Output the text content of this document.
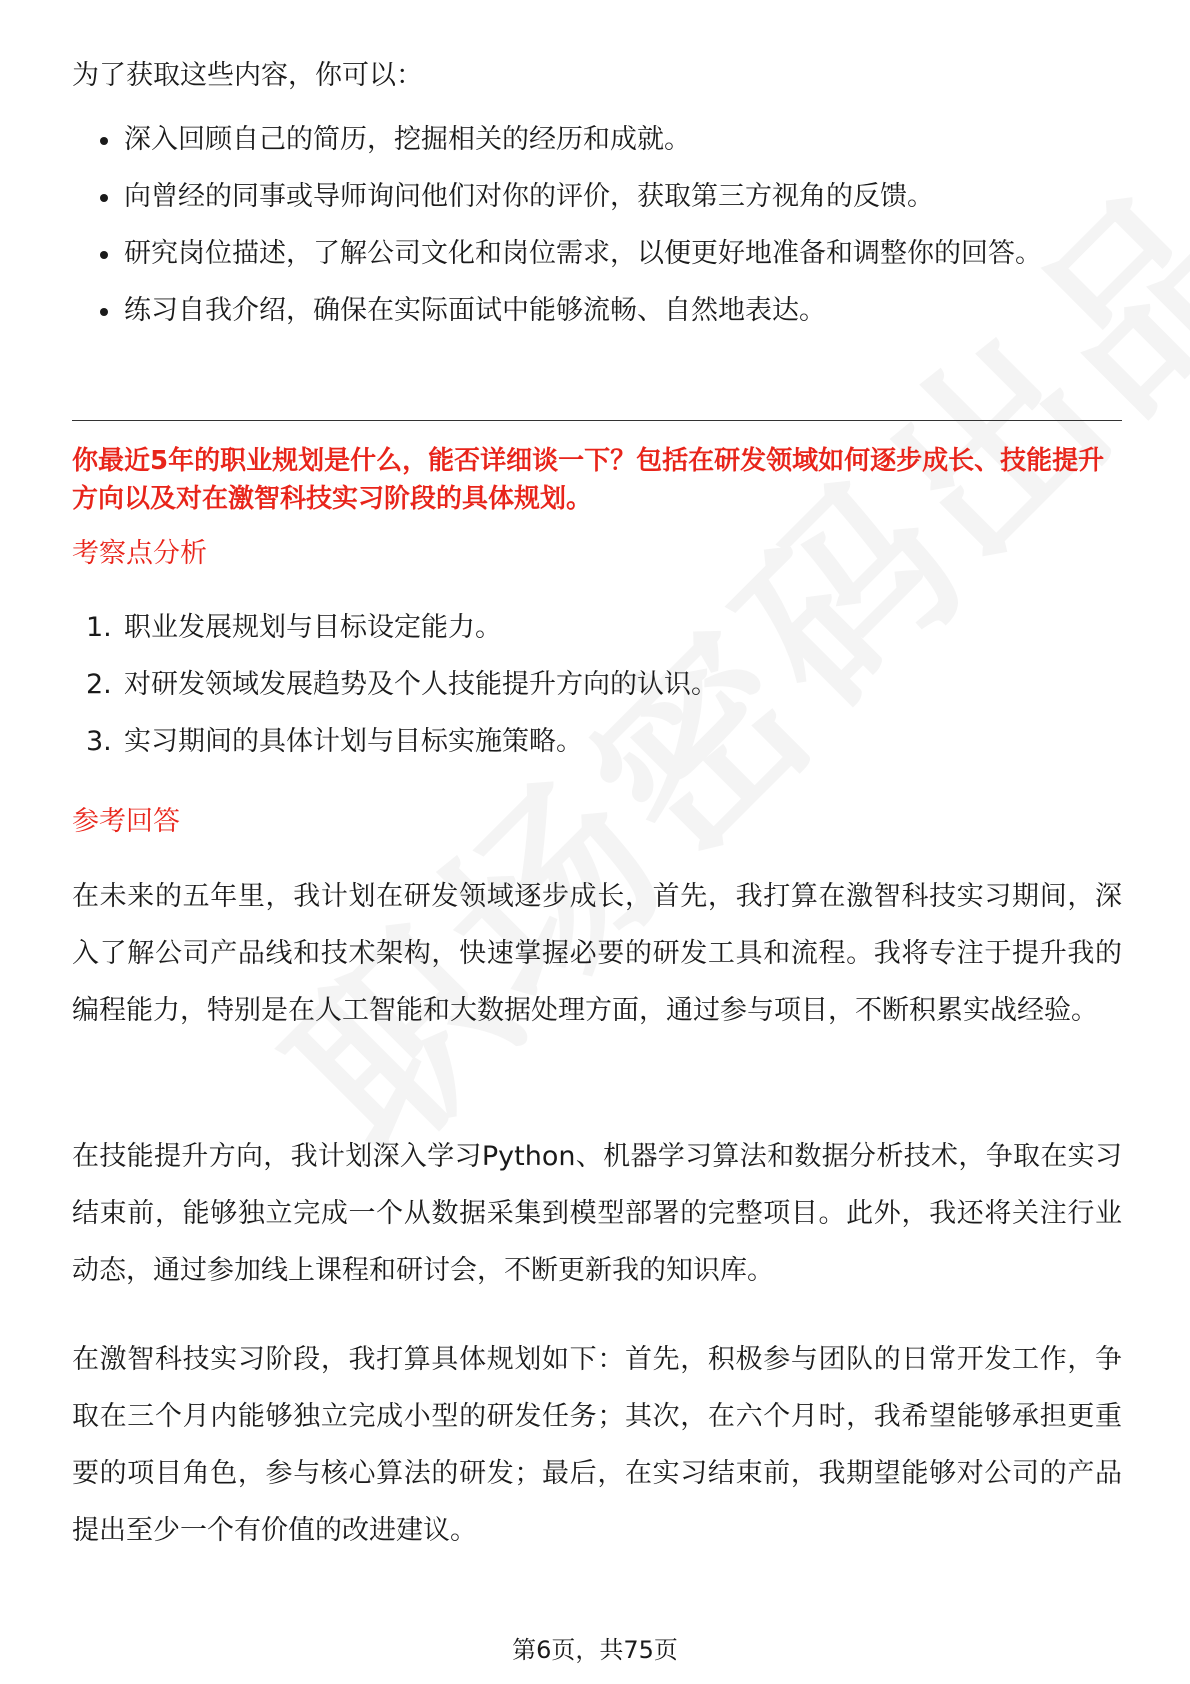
为了获取这些内容，你可以：

深入回顾自己的简历，挖掘相关的经历和成就。
向曾经的同事或导师询问他们对你的评价，获取第三方视角的反馈。
研究岗位描述，了解公司文化和岗位需求，以便更好地准备和调整你的回答。
练习自我介绍，确保在实际面试中能够流畅、自然地表达。
你最近5年的职业规划是什么，能否详细谈一下？包括在研发领域如何逐步成长、技能提升方向以及对在激智科技实习阶段的具体规划。
考察点分析
1. 职业发展规划与目标设定能力。
2. 对研发领域发展趋势及个人技能提升方向的认识。
3. 实习期间的具体计划与目标实施策略。
参考回答

在未来的五年里，我计划在研发领域逐步成长，首先，我打算在激智科技实习期间，深入了解公司产品线和技术架构，快速掌握必要的研发工具和流程。我将专注于提升我的编程能力，特别是在人工智能和大数据处理方面，通过参与项目，不断积累实战经验。

在技能提升方向，我计划深入学习Python、机器学习算法和数据分析技术，争取在实习结束前，能够独立完成一个从数据采集到模型部署的完整项目。此外，我还将关注行业动态，通过参加线上课程和研讨会，不断更新我的知识库。

在激智科技实习阶段，我打算具体规划如下：首先，积极参与团队的日常开发工作，争取在三个月内能够独立完成小型的研发任务；其次，在六个月时，我希望能够承担更重要的项目角色，参与核心算法的研发；最后，在实习结束前，我期望能够对公司的产品提出至少一个有价值的改进建议。

第6页，共75页
